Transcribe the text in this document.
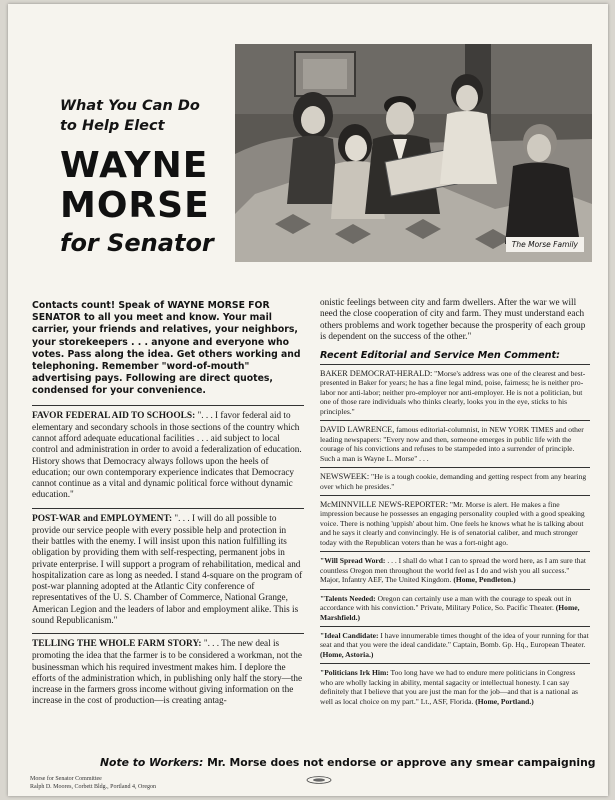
What You Can Do
to Help Elect
WAYNE
MORSE
for Senator	The Morse Family

Contacts count! Speak of WAYNE MORSE FOR SENATOR to all you meet and know. Your mail carrier, your friends and relatives, your neighbors, your storekeepers . . . anyone and everyone who votes. Pass along the idea. Get others working and telephoning. Remember "word-of-mouth" advertising pays. Following are direct quotes, condensed for your convenience.

FAVOR FEDERAL AID TO SCHOOLS: ". . . I favor federal aid to elementary and secondary schools in those sections of the country which cannot afford adequate educational facilities . . . aid subject to local control and administration in order to avoid a federalization of education. History shows that Democracy always follows upon the heels of education; our own contemporary experience indicates that Democracy cannot continue as a vital and dynamic political force without dynamic education."

POST-WAR and EMPLOYMENT: ". . . I will do all possible to provide our service people with every possible help and protection in their battles with the enemy. I will insist upon this nation fulfilling its obligation by providing them with self-respecting, permanent jobs in private enterprise. I will support a program of rehabilitation, medical and hospitalization care as long as needed. I stand 4-square on the program of post-war planning adopted at the Atlantic City conference of representatives of the U. S. Chamber of Commerce, National Grange, American Legion and the leaders of labor and employment alike. This is sound Republicanism."

TELLING THE WHOLE FARM STORY: ". . . The new deal is promoting the idea that the farmer is to be considered a workman, not the businessman which his required investment makes him. I deplore the efforts of the administration which, in publishing only half the story—the increase in the farmers gross income without giving information on the increase in the cost of production—is creating antag-

onistic feelings between city and farm dwellers. After the war we will need the close cooperation of city and farm. They must understand each others problems and work together because the prosperity of each group is dependent on the success of the other."

Recent Editorial and Service Men Comment:

BAKER DEMOCRAT-HERALD: "Morse's address was one of the clearest and best-presented in Baker for years; he has a fine legal mind, poise, fairness; he is neither pro-labor nor anti-labor; neither pro-employer nor anti-employer. He is not a politician, but one of those rare individuals who thinks clearly, looks you in the eye, sticks to his principles."

DAVID LAWRENCE, famous editorial-columnist, in NEW YORK TIMES and other leading newspapers: "Every now and then, someone emerges in public life with the courage of his convictions and refuses to be stampeded into a surrender of principle. Such a man is Wayne L. Morse" . . .

NEWSWEEK: "He is a tough cookie, demanding and getting respect from any hearing over which he presides."

McMINNVILLE NEWS-REPORTER: "Mr. Morse is alert. He makes a fine impression because he possesses an engaging personality coupled with a good speaking voice. There is nothing 'uppish' about him. One feels he knows what he is talking about and he says it clearly and convincingly. He is of senatorial caliber, and much stronger today with the Republican voters than he was a fort-night ago.

"Will Spread Word: . . . I shall do what I can to spread the word here, as I am sure that countless Oregon men throughout the world feel as I do and wish you all success." Major, Infantry AEF, The United Kingdom. (Home, Pendleton.)

"Talents Needed: Oregon can certainly use a man with the courage to speak out in accordance with his conviction." Private, Military Police, So. Pacific Theater. (Home, Marshfield.)

"Ideal Candidate: I have innumerable times thought of the idea of your running for that seat and that you were the ideal candidate." Captain, Bomb. Gp. Hq., European Theater. (Home, Astoria.)

"Politicians Irk Him: Too long have we had to endure mere politicians in Congress who are wholly lacking in ability, mental sagacity or intellectual honesty. I can say definitely that I believe that you are just the man for the job—and that is a national as well as local choice on my part." Lt., ASF, Florida. (Home, Portland.)

Note to Workers: Mr. Morse does not endorse or approve any smear campaigning
Morse for Senator Committee
Ralph D. Moores, Corbett Bldg., Portland 4, Oregon
